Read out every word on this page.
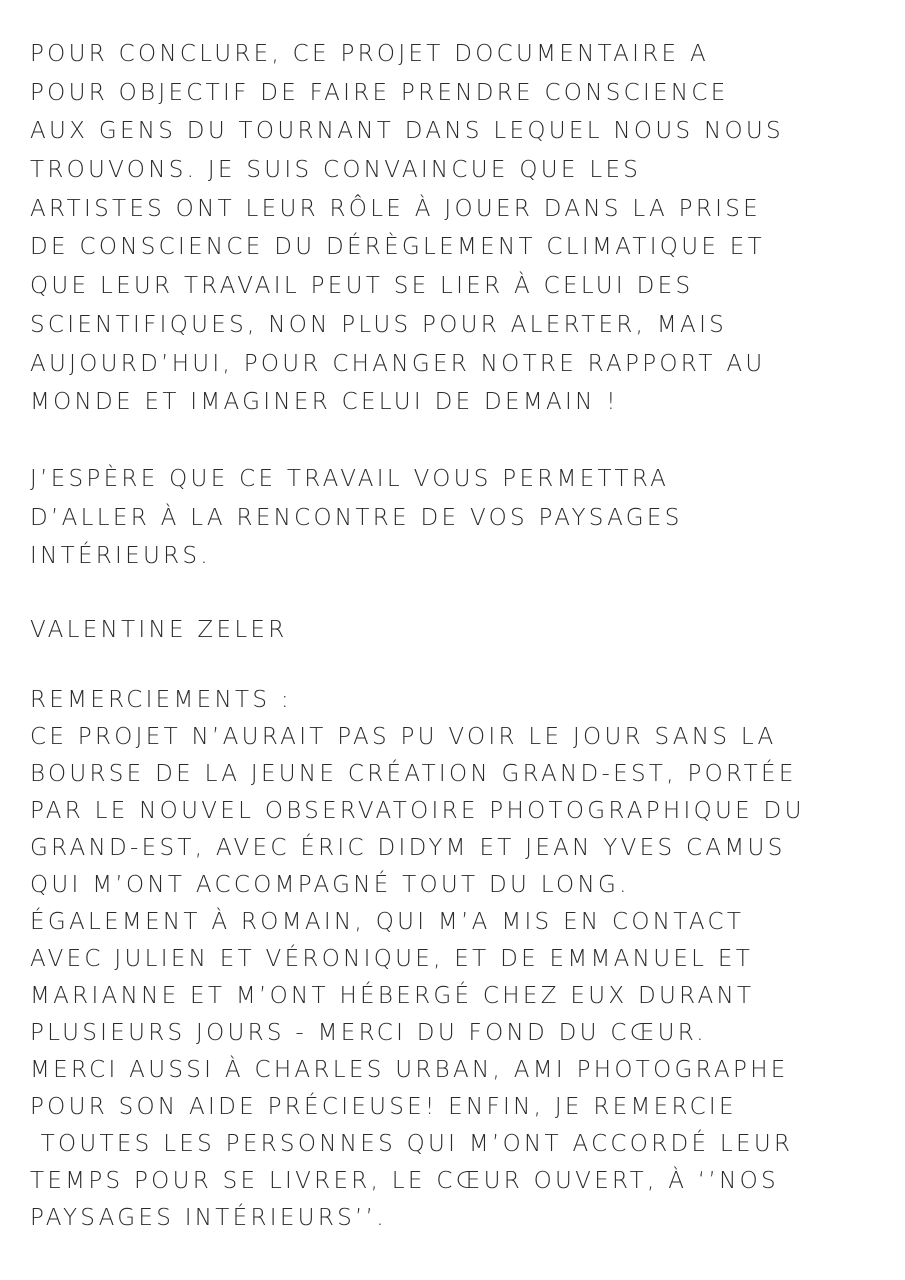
POUR CONCLURE, CE PROJET DOCUMENTAIRE A
POUR OBJECTIF DE FAIRE PRENDRE CONSCIENCE
AUX GENS DU TOURNANT DANS LEQUEL NOUS NOUS
TROUVONS. JE SUIS CONVAINCUE QUE LES
ARTISTES ONT LEUR RÔLE À JOUER DANS LA PRISE
DE CONSCIENCE DU DÉRÈGLEMENT CLIMATIQUE ET
QUE LEUR TRAVAIL PEUT SE LIER À CELUI DES
SCIENTIFIQUES, NON PLUS POUR ALERTER, MAIS
AUJOURD’HUI, POUR CHANGER NOTRE RAPPORT AU
MONDE ET IMAGINER CELUI DE DEMAIN !
J’ESPÈRE QUE CE TRAVAIL VOUS PERMETTRA
D’ALLER À LA RENCONTRE DE VOS PAYSAGES
INTÉRIEURS.
VALENTINE ZELER
REMERCIEMENTS :
CE PROJET N’AURAIT PAS PU VOIR LE JOUR SANS LA
BOURSE DE LA JEUNE CRÉATION GRAND-EST, PORTÉE
PAR LE NOUVEL OBSERVATOIRE PHOTOGRAPHIQUE DU
GRAND-EST, AVEC ÉRIC DIDYM ET JEAN YVES CAMUS
QUI M’ONT ACCOMPAGNÉ TOUT DU LONG.
ÉGALEMENT À ROMAIN, QUI M’A MIS EN CONTACT
AVEC JULIEN ET VÉRONIQUE, ET DE EMMANUEL ET
MARIANNE ET M’ONT HÉBERGÉ CHEZ EUX DURANT
PLUSIEURS JOURS - MERCI DU FOND DU CŒUR.
MERCI AUSSI À CHARLES URBAN, AMI PHOTOGRAPHE
POUR SON AIDE PRÉCIEUSE! ENFIN, JE REMERCIE
TOUTES LES PERSONNES QUI M’ONT ACCORDÉ LEUR
TEMPS POUR SE LIVRER, LE CŒUR OUVERT, À ‘’NOS
PAYSAGES INTÉRIEURS’’.
